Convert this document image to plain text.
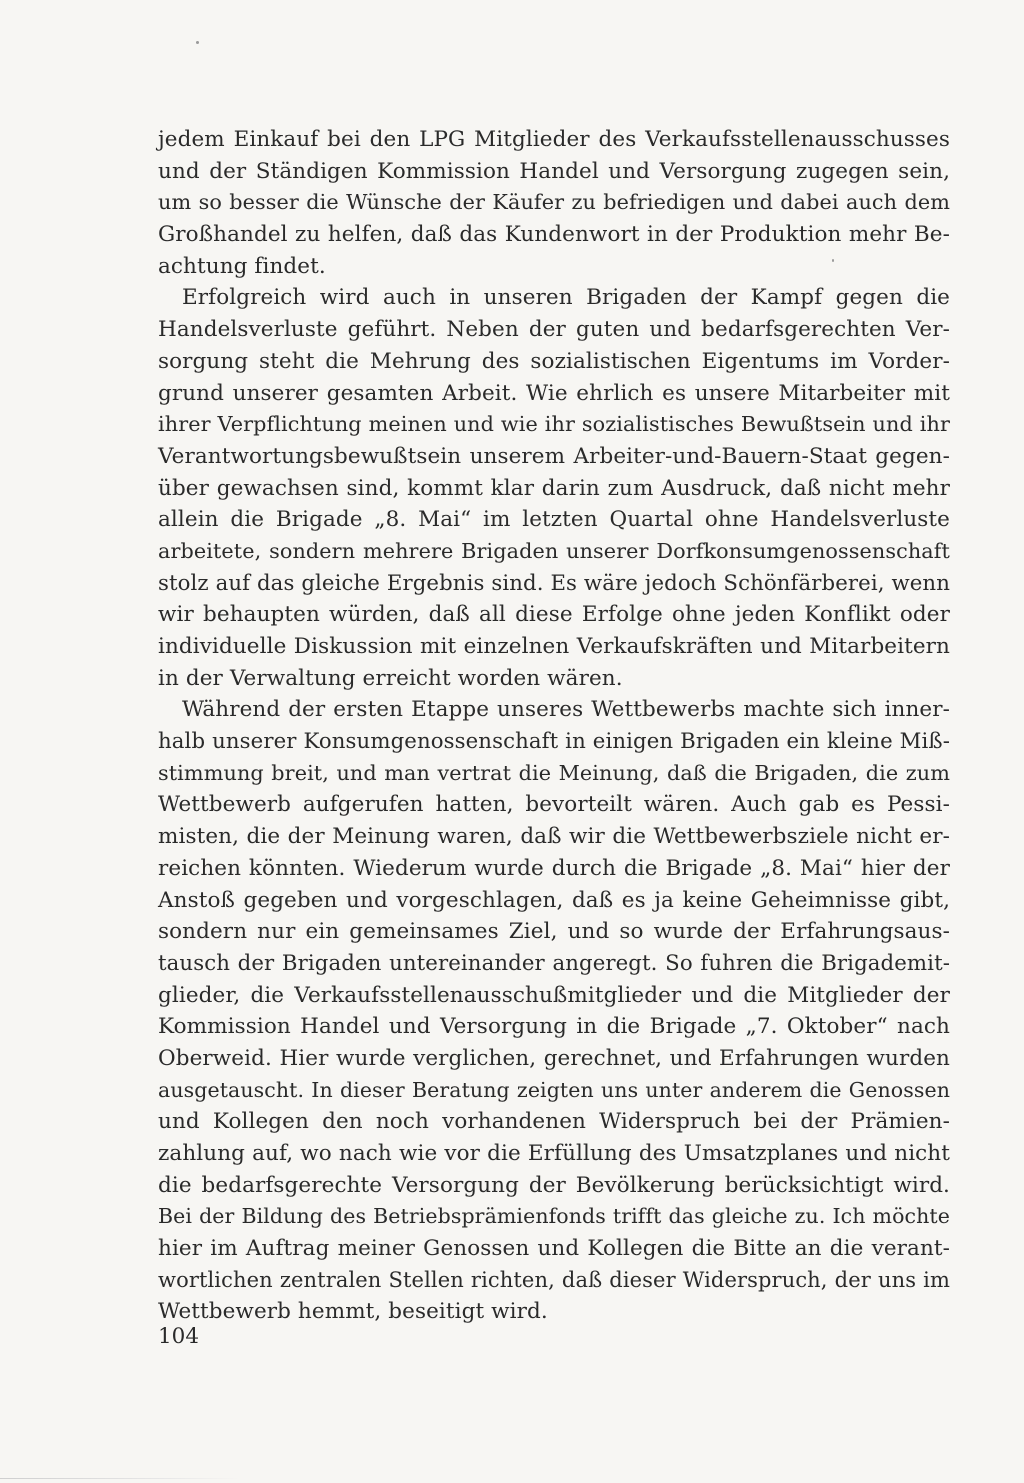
jedem Einkauf bei den LPG Mitglieder des Verkaufsstellenausschusses
und der Ständigen Kommission Handel und Versorgung zugegen sein,
um so besser die Wünsche der Käufer zu befriedigen und dabei auch dem
Großhandel zu helfen, daß das Kundenwort in der Produktion mehr Be-
achtung findet.
Erfolgreich wird auch in unseren Brigaden der Kampf gegen die
Handelsverluste geführt. Neben der guten und bedarfsgerechten Ver-
sorgung steht die Mehrung des sozialistischen Eigentums im Vorder-
grund unserer gesamten Arbeit. Wie ehrlich es unsere Mitarbeiter mit
ihrer Verpflichtung meinen und wie ihr sozialistisches Bewußtsein und ihr
Verantwortungsbewußtsein unserem Arbeiter-und-Bauern-Staat gegen-
über gewachsen sind, kommt klar darin zum Ausdruck, daß nicht mehr
allein die Brigade „8. Mai“ im letzten Quartal ohne Handelsverluste
arbeitete, sondern mehrere Brigaden unserer Dorfkonsumgenossenschaft
stolz auf das gleiche Ergebnis sind. Es wäre jedoch Schönfärberei, wenn
wir behaupten würden, daß all diese Erfolge ohne jeden Konflikt oder
individuelle Diskussion mit einzelnen Verkaufskräften und Mitarbeitern
in der Verwaltung erreicht worden wären.
Während der ersten Etappe unseres Wettbewerbs machte sich inner-
halb unserer Konsumgenossenschaft in einigen Brigaden ein kleine Miß-
stimmung breit, und man vertrat die Meinung, daß die Brigaden, die zum
Wettbewerb aufgerufen hatten, bevorteilt wären. Auch gab es Pessi-
misten, die der Meinung waren, daß wir die Wettbewerbsziele nicht er-
reichen könnten. Wiederum wurde durch die Brigade „8. Mai“ hier der
Anstoß gegeben und vorgeschlagen, daß es ja keine Geheimnisse gibt,
sondern nur ein gemeinsames Ziel, und so wurde der Erfahrungsaus-
tausch der Brigaden untereinander angeregt. So fuhren die Brigademit-
glieder, die Verkaufsstellenausschußmitglieder und die Mitglieder der
Kommission Handel und Versorgung in die Brigade „7. Oktober“ nach
Oberweid. Hier wurde verglichen, gerechnet, und Erfahrungen wurden
ausgetauscht. In dieser Beratung zeigten uns unter anderem die Genossen
und Kollegen den noch vorhandenen Widerspruch bei der Prämien-
zahlung auf, wo nach wie vor die Erfüllung des Umsatzplanes und nicht
die bedarfsgerechte Versorgung der Bevölkerung berücksichtigt wird.
Bei der Bildung des Betriebsprämienfonds trifft das gleiche zu. Ich möchte
hier im Auftrag meiner Genossen und Kollegen die Bitte an die verant-
wortlichen zentralen Stellen richten, daß dieser Widerspruch, der uns im
Wettbewerb hemmt, beseitigt wird.
104
